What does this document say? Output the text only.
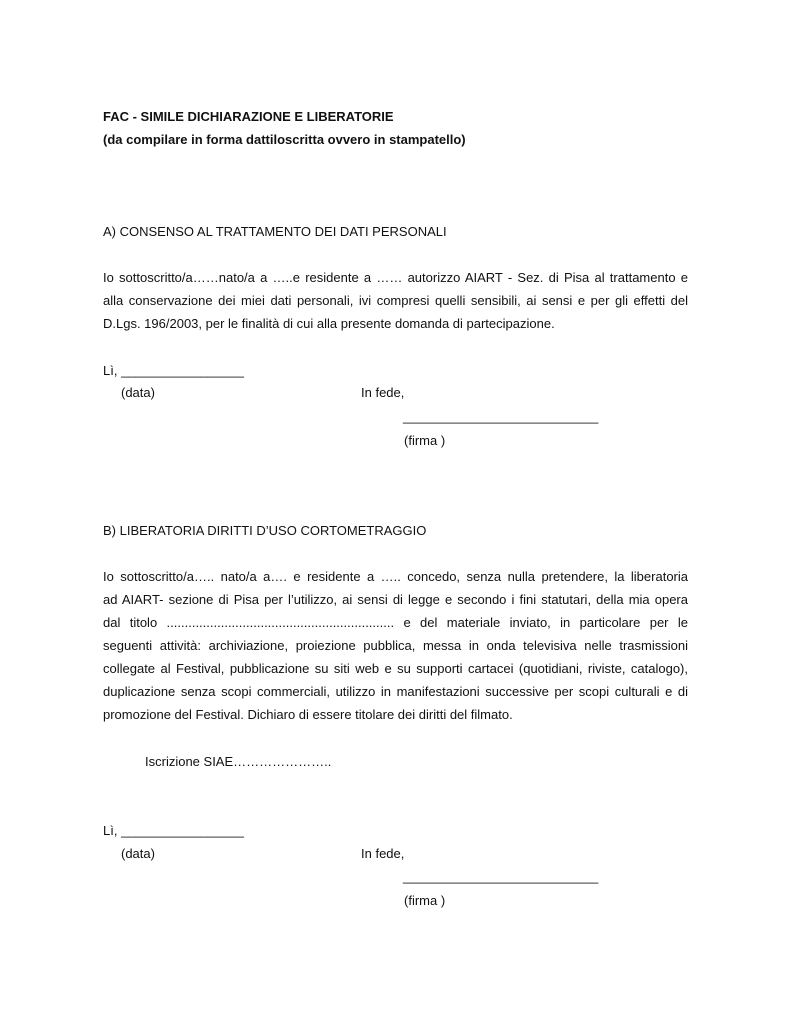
FAC - SIMILE DICHIARAZIONE E LIBERATORIE
(da compilare in forma dattiloscritta ovvero in stampatello)
A) CONSENSO AL TRATTAMENTO DEI DATI PERSONALI
Io sottoscritto/a……nato/a a …..e residente a …… autorizzo AIART - Sez. di Pisa al trattamento e
alla conservazione dei miei dati personali, ivi compresi quelli sensibili, ai sensi e per gli effetti del
D.Lgs. 196/2003, per le finalità di cui alla presente domanda di partecipazione.
Lì, _________________
(data)	In fede,
___________________________
(firma )
B) LIBERATORIA DIRITTI D’USO CORTOMETRAGGIO
Io sottoscritto/a….. nato/a a…. e residente a ….. concedo, senza nulla pretendere, la liberatoria
ad AIART- sezione di Pisa per l’utilizzo, ai sensi di legge e secondo i fini statutari, della mia opera
dal titolo ............................................................... e del materiale inviato, in particolare per le
seguenti attività: archiviazione, proiezione pubblica, messa in onda televisiva nelle trasmissioni
collegate al Festival, pubblicazione su siti web e su supporti cartacei (quotidiani, riviste, catalogo),
duplicazione senza scopi commerciali, utilizzo in manifestazioni successive per scopi culturali e di
promozione del Festival. Dichiaro di essere titolare dei diritti del filmato.
Iscrizione SIAE…………………..
Lì, _________________
(data)	In fede,
___________________________
(firma )
